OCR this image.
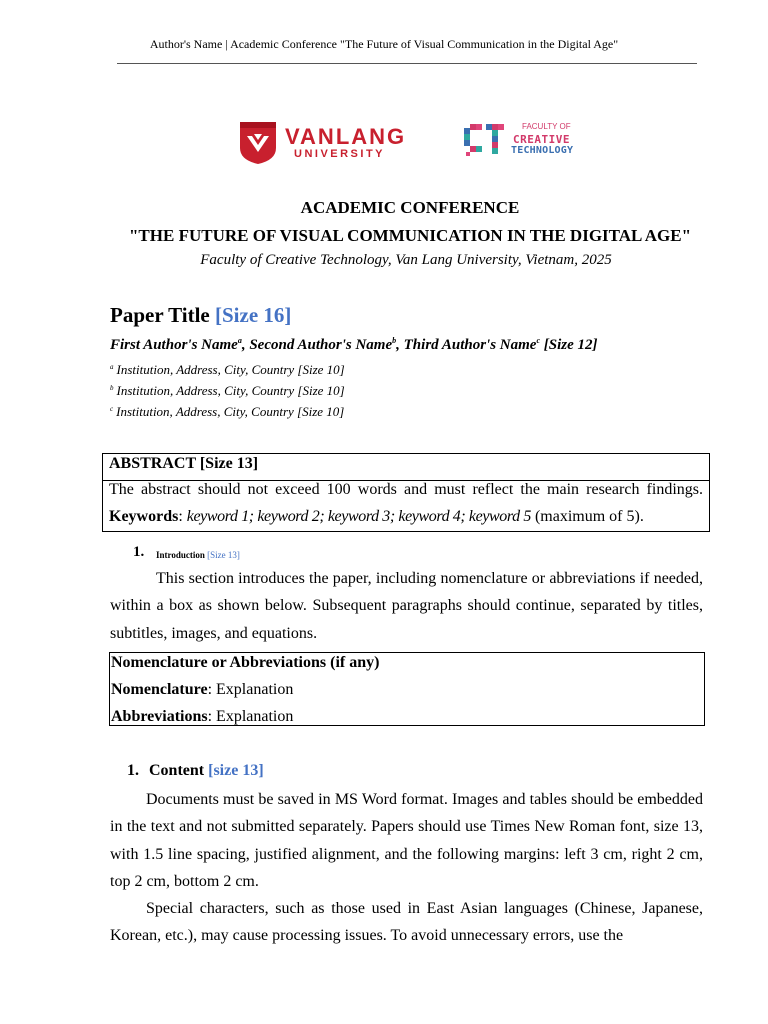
Author's Name | Academic Conference "The Future of Visual Communication in the Digital Age"
VANLANG
UNIVERSITY
FACULTY OF
CREATIVE
TECHNOLOGY
ACADEMIC CONFERENCE
"THE FUTURE OF VISUAL COMMUNICATION IN THE DIGITAL AGE"
Faculty of Creative Technology, Van Lang University, Vietnam, 2025
Paper Title [Size 16]
First Author's Name$^a$, Second Author's Name$^b$, Third Author's Name$^c$ [Size 12]
$^a$ Institution, Address, City, Country [Size 10]
$^b$ Institution, Address, City, Country [Size 10]
$^c$ Institution, Address, City, Country [Size 10]
ABSTRACT [Size 13]
The abstract should not exceed 100 words and must reflect the main research findings.
Keywords: keyword 1; keyword 2; keyword 3; keyword 4; keyword 5 (maximum of 5).
1. Introduction [Size 13]
This section introduces the paper, including nomenclature or abbreviations if needed, within a box as shown below. Subsequent paragraphs should continue, separated by titles, subtitles, images, and equations.
Nomenclature or Abbreviations (if any)
Nomenclature: Explanation
Abbreviations: Explanation
1. Content [size 13]
Documents must be saved in MS Word format. Images and tables should be embedded in the text and not submitted separately. Papers should use Times New Roman font, size 13, with 1.5 line spacing, justified alignment, and the following margins: left 3 cm, right 2 cm, top 2 cm, bottom 2 cm.
Special characters, such as those used in East Asian languages (Chinese, Japanese, Korean, etc.), may cause processing issues. To avoid unnecessary errors, use the
